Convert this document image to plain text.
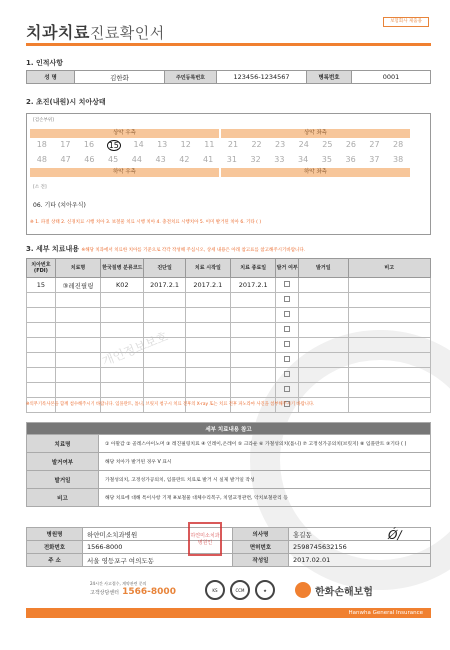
개인정보보호
치과치료진료확인서
보험회사 제출용
1. 인적사항
성 명	김한화	주민등록번호	123456-1234567	병록번호	0001
2. 초진(내원)시 치아상태
[검손부위]
상악 우측	상악 좌측
18	17	16	15	14	13	12	11	21	22	23	24	25	26	27	28
48	47	46	45	44	43	42	41	31	32	33	34	35	36	37	38
하악 우측	하악 좌측
[소 견]
06. 기타 (치아우식)
※ 1. 파절 상태 2. 신경치료 시행 치아 3. 보철물 치료 시행 치아 4. 충전치료 시행치아 5. 이미 발거된 치아 6. 기타 ( )
3. 세부 치료내용 ※해당 치과에서 치료한 치아를 기준으로 각각 작성해 주십시오, 상세 내용은 아래 참고표를 참고해주시기바랍니다.
치아번호 (FDI)	치료명	한국질병 분류코드	진단일	치료 시작일	치료 종료일	발거 여부	발거일	비고
15	③레진필링	K02	2017.2.1	2017.2.1	2017.2.1			

※의무기록사본을 함께 첨수해주시기 바랍니다. 임플란트, 틀니, 브릿지 청구시 치료 전후의 X-ray 또는 치료 전후 파노라마 사진을 첨부해주시기 바랍니다.
세부 치료내용 참고	
치료명	① 아말감 ② 골레스아이노머 ③ 레진필링치료 ④ 인레이,온레이 ⑤ 크라운 ⑥ 가철성의치(틀니) ⑦ 고정성가공의치(브릿지) ⑧ 임플란트 ⑨기타 ( )
발거여부	해당 치아가 발거된 경우 V 표시
발거일	가철성의치, 고정성가공의치, 임플란트 치료로 발거 시 실제 발거일 작성
비고	해당 치료에 대해 특이사항 기재 ※보철물 대체수리복구, 치열교정관련, 악치보철관리 등
병원명	하얀미소치과병원	의사명	홍길동
전화번호	1566-8000	면허번호	2598745632156
주 소	서울 영등포구 여의도동	작성일	2017.02.01
하얀미소치과병원인
Ǿ∕
24시간 사고접수, 계약관련 문의
고객상담센터 1566-8000	KS	CCM	★	한화손해보험
Hanwha General Insurance
